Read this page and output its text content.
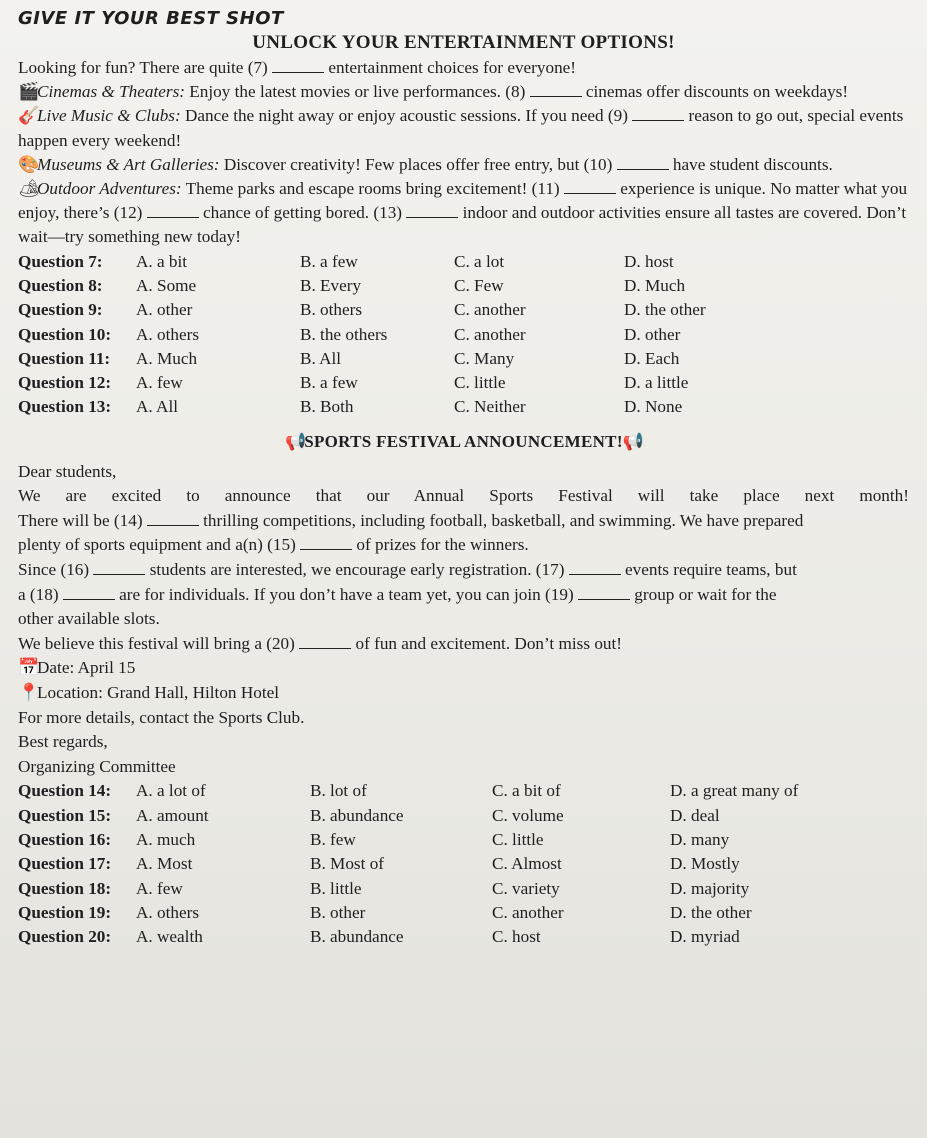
GIVE IT YOUR BEST SHOT

UNLOCK YOUR ENTERTAINMENT OPTIONS!

Looking for fun? There are quite (7)	entertainment choices for everyone!

🎬Cinemas & Theaters: Enjoy the latest movies or live performances. (8)	cinemas offer discounts on weekdays!

🎸Live Music & Clubs: Dance the night away or enjoy acoustic sessions. If you need (9)	reason to go out, special events happen every weekend!

🎨Museums & Art Galleries: Discover creativity! Few places offer free entry, but (10)	have student discounts.

🏕Outdoor Adventures: Theme parks and escape rooms bring excitement! (11)	experience is unique. No matter what you enjoy, there’s (12)	chance of getting bored. (13)	indoor and outdoor activities ensure all tastes are covered. Don’t wait—try something new today!

Question 7:	A. a bit	B. a few	C. a lot	D. host
Question 8:	A. Some	B. Every	C. Few	D. Much
Question 9:	A. other	B. others	C. another	D. the other
Question 10:	A. others	B. the others	C. another	D. other
Question 11:	A. Much	B. All	C. Many	D. Each
Question 12:	A. few	B. a few	C. little	D. a little
Question 13:	A. All	B. Both	C. Neither	D. None

📢SPORTS FESTIVAL ANNOUNCEMENT!📢

Dear students,

We are excited to announce that our Annual Sports Festival will take place next month!

There will be (14)	thrilling competitions, including football, basketball, and swimming. We have prepared

plenty of sports equipment and a(n) (15)	of prizes for the winners.

Since (16)	students are interested, we encourage early registration. (17)	events require teams, but

a (18)	are for individuals. If you don’t have a team yet, you can join (19)	group or wait for the

other available slots.

We believe this festival will bring a (20)	of fun and excitement. Don’t miss out!

📅Date: April 15

📍Location: Grand Hall, Hilton Hotel

For more details, contact the Sports Club.

Best regards,

Organizing Committee

Question 14:	A. a lot of	B. lot of	C. a bit of	D. a great many of
Question 15:	A. amount	B. abundance	C. volume	D. deal
Question 16:	A. much	B. few	C. little	D. many
Question 17:	A. Most	B. Most of	C. Almost	D. Mostly
Question 18:	A. few	B. little	C. variety	D. majority
Question 19:	A. others	B. other	C. another	D. the other
Question 20:	A. wealth	B. abundance	C. host	D. myriad
